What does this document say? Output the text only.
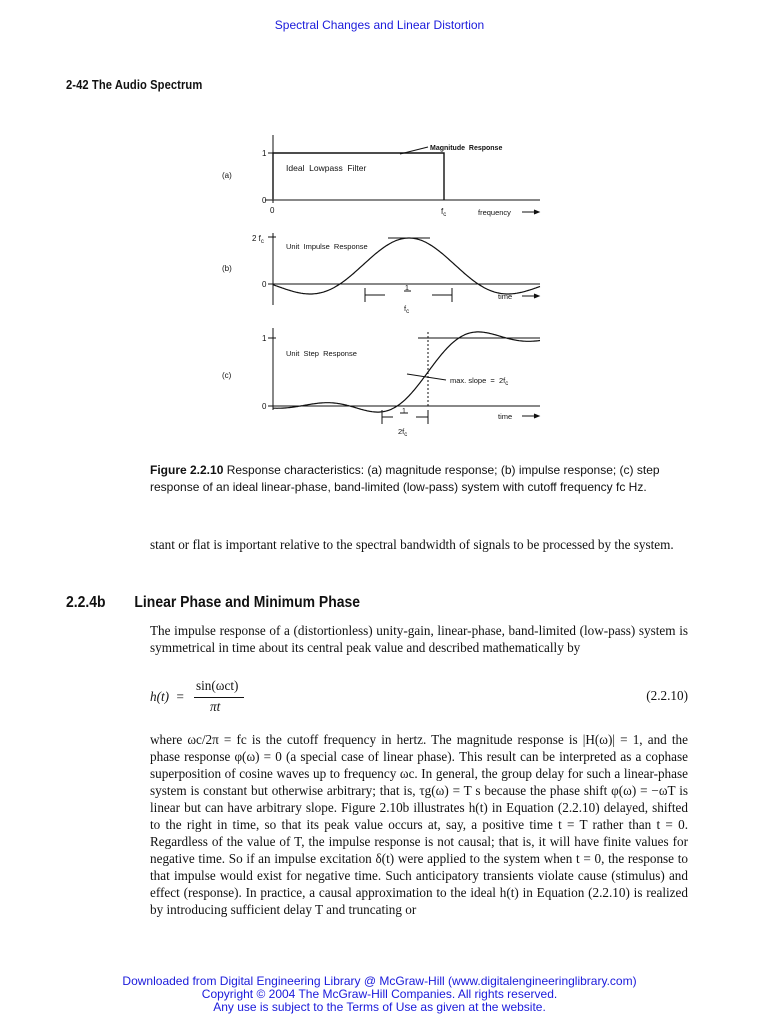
Spectral Changes and Linear Distortion
2-42 The Audio Spectrum
(a)
1
0
0
Ideal  Lowpass  Filter
Magnitude  Response
$f_c$	frequency
(b)
2 $f_c$
0
Unit  Impulse  Response
1
$f_c$
time
(c)
1
0
Unit  Step  Response
max. slope  =  $2f_c$
1
$2f_c$
time
Figure 2.2.10 Response characteristics: (a) magnitude response; (b) impulse response; (c) step response of an ideal linear-phase, band-limited (low-pass) system with cutoff frequency fc Hz.
stant or flat is important relative to the spectral bandwidth of signals to be processed by the system.
2.2.4b Linear Phase and Minimum Phase
The impulse response of a (distortionless) unity-gain, linear-phase, band-limited (low-pass) system is symmetrical in time about its central peak value and described mathematically by
h(t)  =
sin(ωct)
πt
(2.2.10)
where ωc/2π = fc is the cutoff frequency in hertz. The magnitude response is |H(ω)| = 1, and the phase response φ(ω) = 0 (a special case of linear phase). This result can be interpreted as a cophase superposition of cosine waves up to frequency ωc. In general, the group delay for such a linear-phase system is constant but otherwise arbitrary; that is, τg(ω) = T s because the phase shift φ(ω) = −ωT is linear but can have arbitrary slope. Figure 2.10b illustrates h(t) in Equation (2.2.10) delayed, shifted to the right in time, so that its peak value occurs at, say, a positive time t = T rather than t = 0. Regardless of the value of T, the impulse response is not causal; that is, it will have finite values for negative time. So if an impulse excitation δ(t) were applied to the system when t = 0, the response to that impulse would exist for negative time. Such anticipatory transients violate cause (stimulus) and effect (response). In practice, a causal approximation to the ideal h(t) in Equation (2.2.10) is realized by introducing sufficient delay T and truncating or
Downloaded from Digital Engineering Library @ McGraw-Hill (www.digitalengineeringlibrary.com)
Copyright © 2004 The McGraw-Hill Companies. All rights reserved.
Any use is subject to the Terms of Use as given at the website.
